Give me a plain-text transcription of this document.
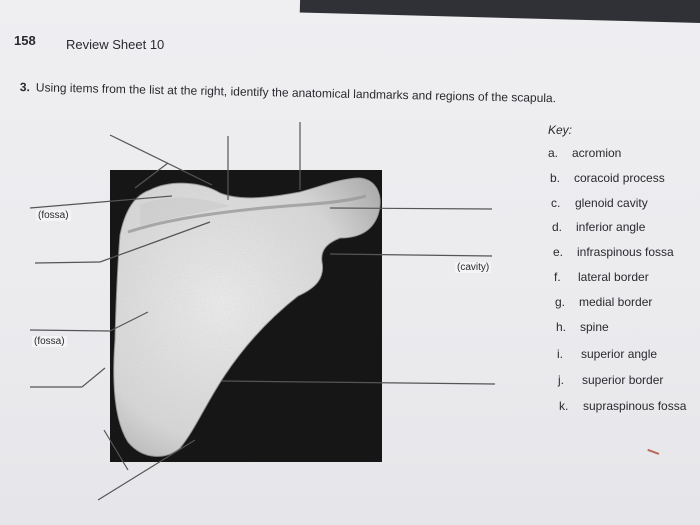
158 Review Sheet 10
3. Using items from the list at the right, identify the anatomical landmarks and regions of the scapula.
(fossa)
(fossa)
(cavity)
Key:
a. acromion
b. coracoid process
c. glenoid cavity
d. inferior angle
e. infraspinous fossa
f. lateral border
g. medial border
h. spine
i. superior angle
j. superior border
k. supraspinous fossa
